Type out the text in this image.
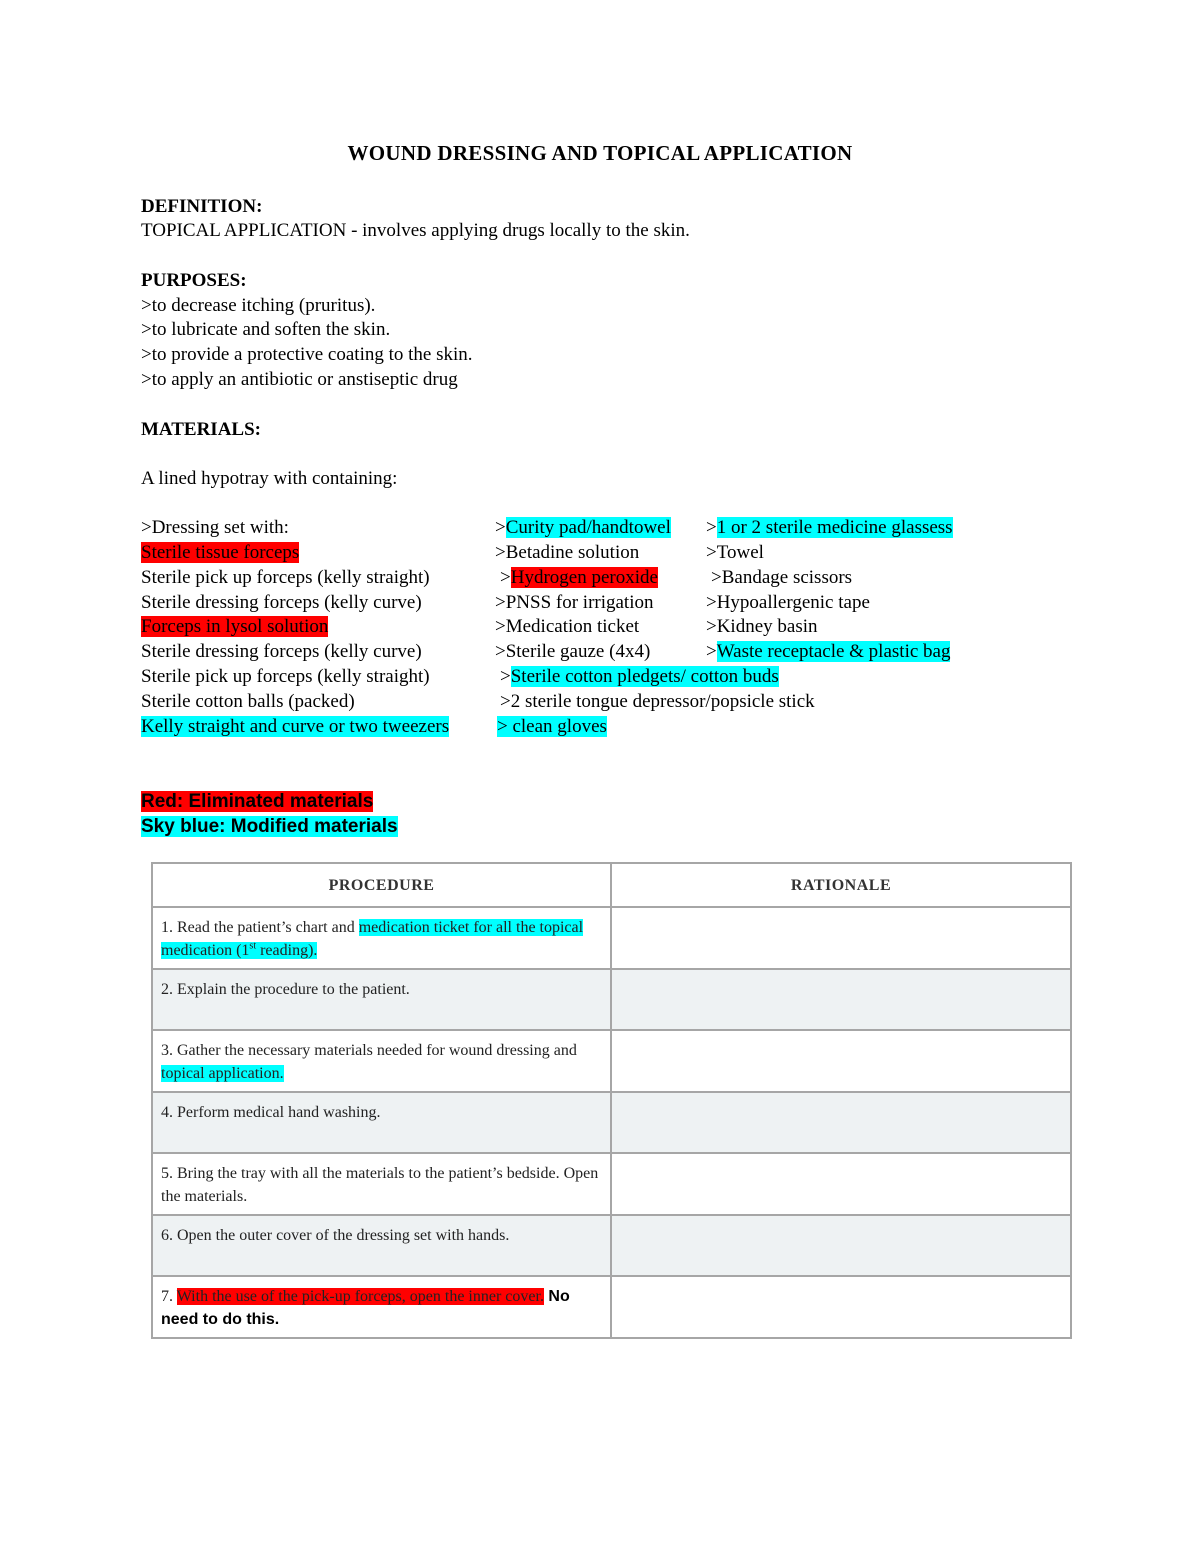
WOUND DRESSING AND TOPICAL APPLICATION
DEFINITION:
TOPICAL APPLICATION - involves applying drugs locally to the skin.
PURPOSES:
>to decrease itching (pruritus).
>to lubricate and soften the skin.
>to provide a protective coating to the skin.
>to apply an antibiotic or anstiseptic drug
MATERIALS:
A lined hypotray with containing:
>Dressing set with:
Sterile tissue forceps
Sterile pick up forceps (kelly straight)
Sterile dressing forceps (kelly curve)
Forceps in lysol solution
Sterile dressing forceps (kelly curve)
Sterile pick up forceps (kelly straight)
Sterile cotton balls (packed)
Kelly straight and curve or two tweezers
>Curity pad/handtowel
>Betadine solution
>Hydrogen peroxide
>PNSS for irrigation
>Medication ticket
>Sterile gauze (4x4)
>Sterile cotton pledgets/ cotton buds
>2 sterile tongue depressor/popsicle stick
> clean gloves
>1 or 2 sterile medicine glassess
>Towel
>Bandage scissors
>Hypoallergenic tape
>Kidney basin
>Waste receptacle & plastic bag
Red: Eliminated materials
Sky blue: Modified materials
PROCEDURE	RATIONALE
1. Read the patient’s chart and medication ticket for all the topical medication (1st reading).	
2. Explain the procedure to the patient.	
3. Gather the necessary materials needed for wound dressing and topical application.	
4. Perform medical hand washing.	
5. Bring the tray with all the materials to the patient’s bedside. Open the materials.	
6. Open the outer cover of the dressing set with hands.	
7. With the use of the pick-up forceps, open the inner cover. No need to do this.	
